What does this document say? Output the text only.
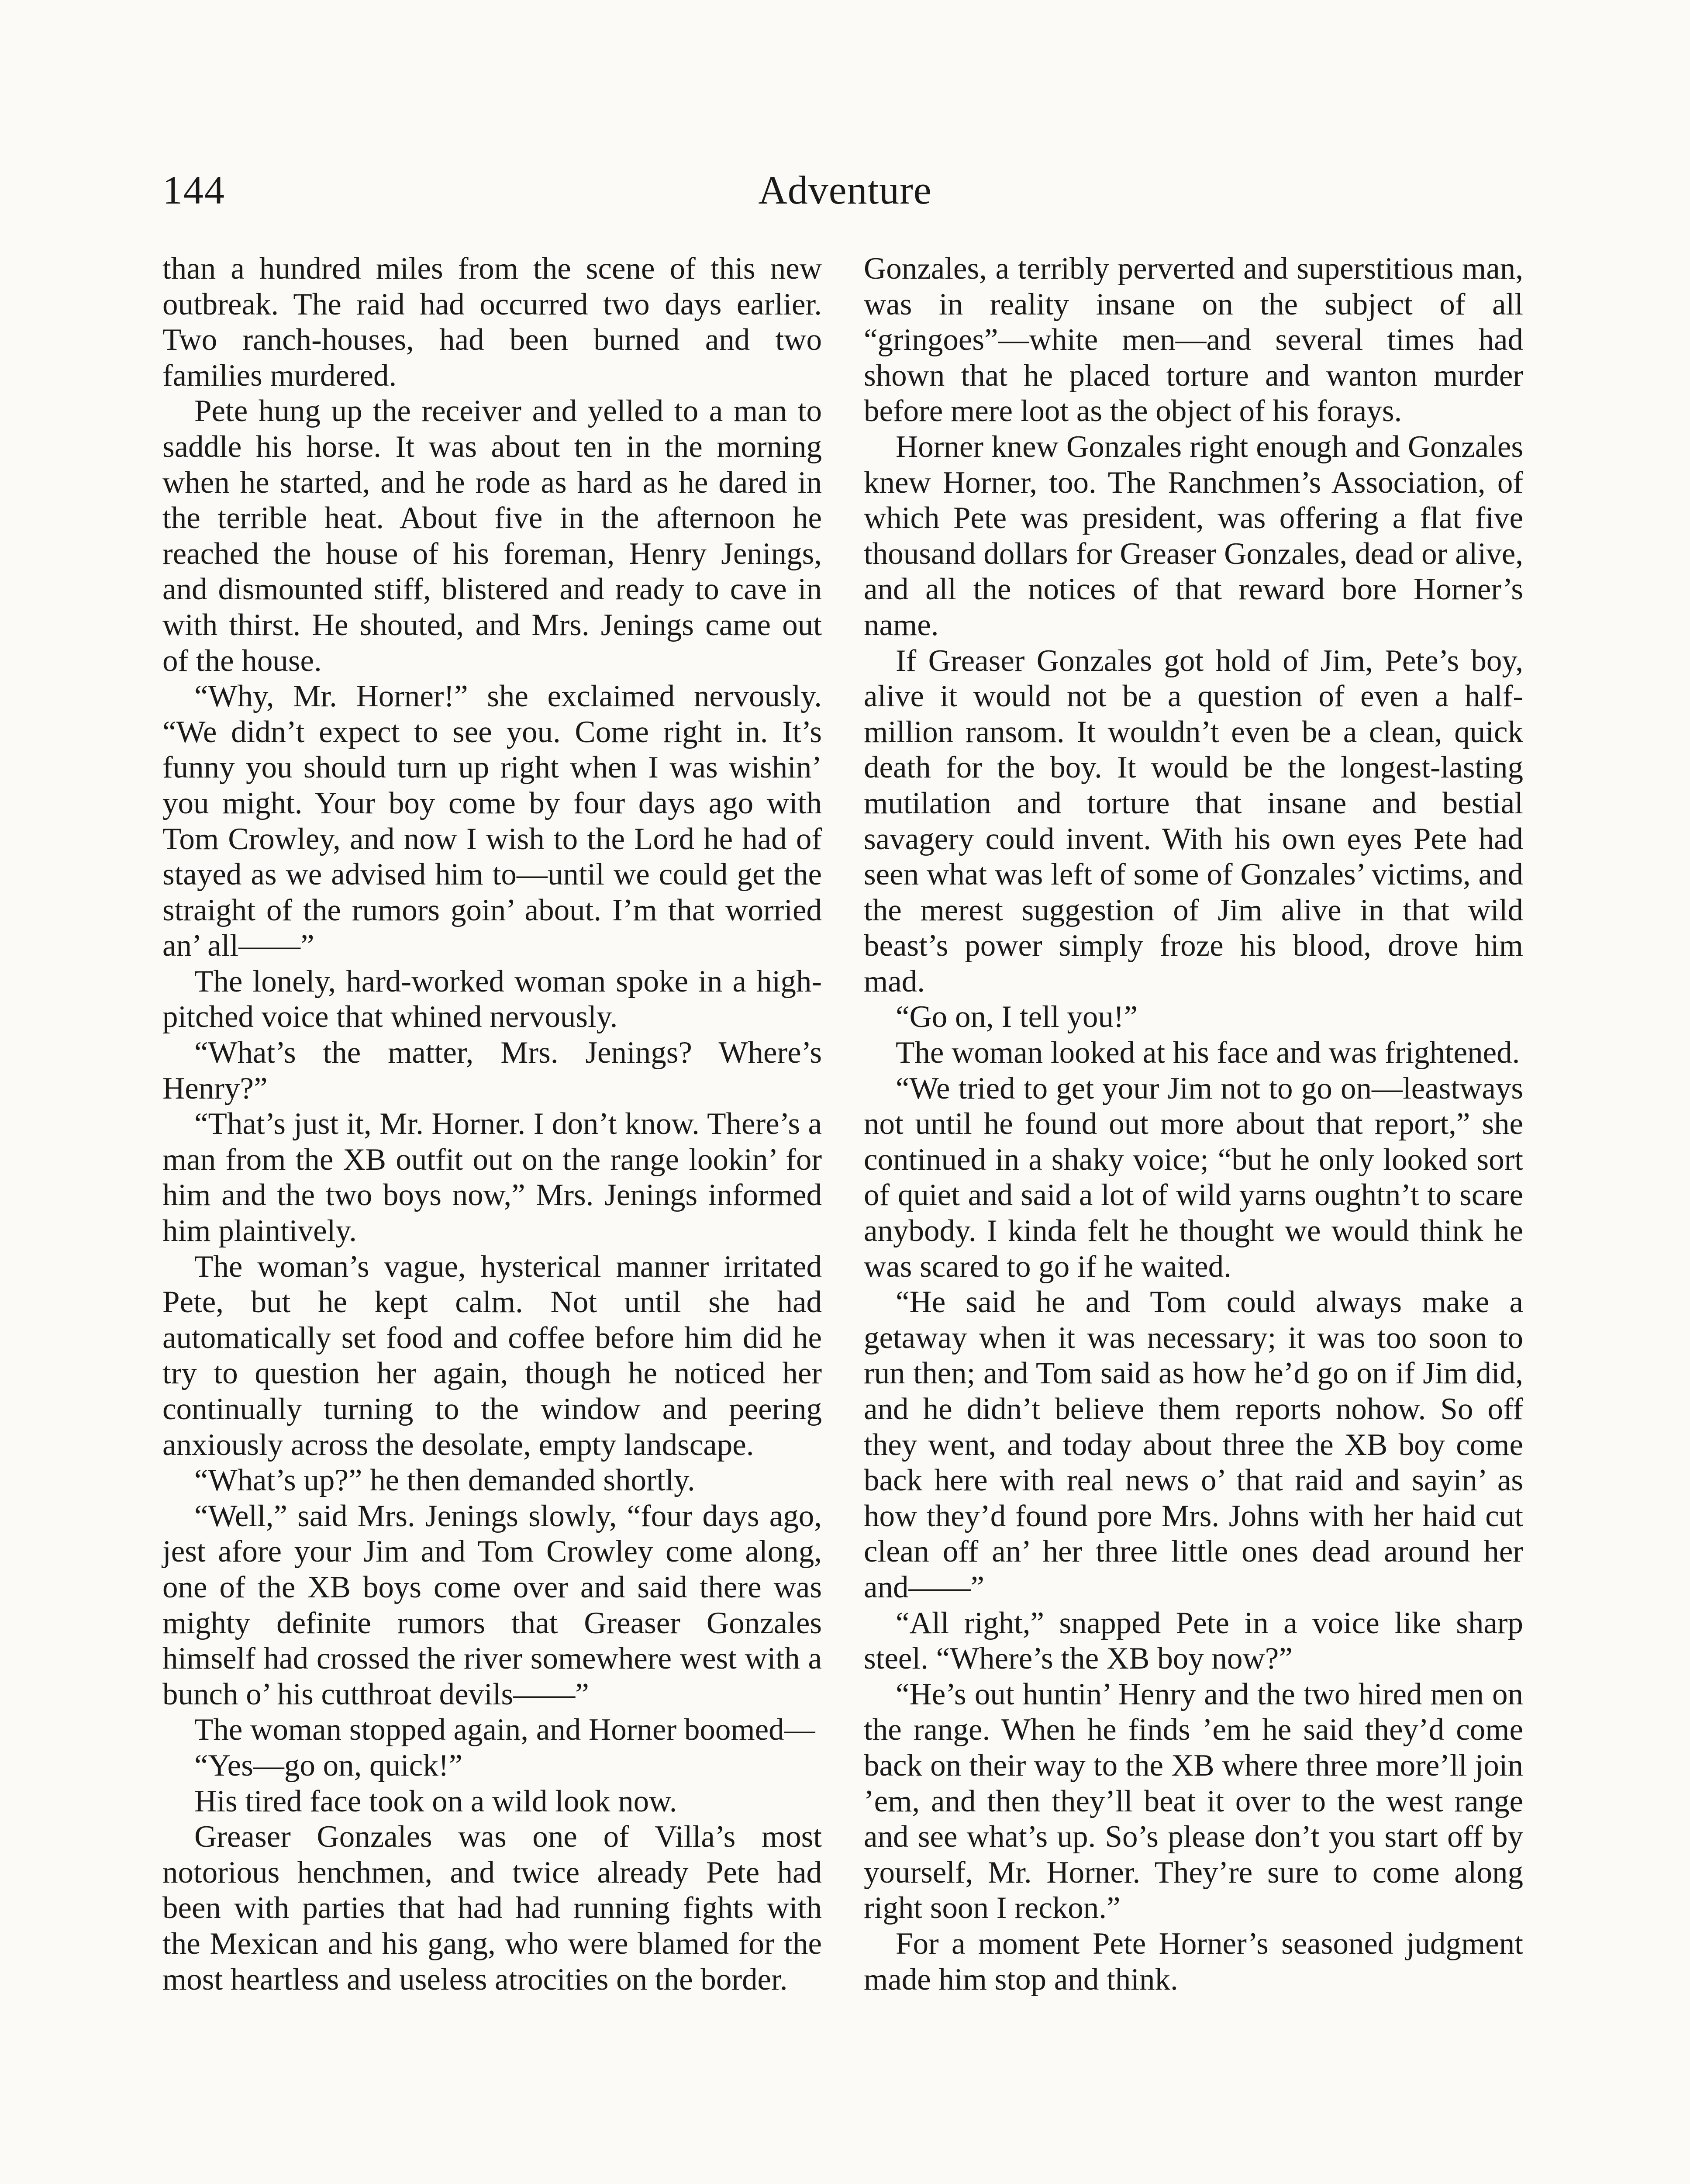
144	Adventure

than a hundred miles from the scene of this new outbreak. The raid had occurred two days earlier. Two ranch-houses, had been burned and two families murdered.

Pete hung up the receiver and yelled to a man to saddle his horse. It was about ten in the morning when he started, and he rode as hard as he dared in the terrible heat. About five in the afternoon he reached the house of his foreman, Henry Jenings, and dismounted stiff, blistered and ready to cave in with thirst. He shouted, and Mrs. Jenings came out of the house.

“Why, Mr. Horner!” she exclaimed nervously. “We didn’t expect to see you. Come right in. It’s funny you should turn up right when I was wishin’ you might. Your boy come by four days ago with Tom Crowley, and now I wish to the Lord he had of stayed as we advised him to—until we could get the straight of the rumors goin’ about. I’m that worried an’ all——”

The lonely, hard-worked woman spoke in a high-pitched voice that whined nervously.

“What’s the matter, Mrs. Jenings? Where’s Henry?”

“That’s just it, Mr. Horner. I don’t know. There’s a man from the XB outfit out on the range lookin’ for him and the two boys now,” Mrs. Jenings informed him plaintively.

The woman’s vague, hysterical manner irritated Pete, but he kept calm. Not until she had automatically set food and coffee before him did he try to question her again, though he noticed her continually turning to the window and peering anxiously across the desolate, empty landscape.

“What’s up?” he then demanded shortly.

“Well,” said Mrs. Jenings slowly, “four days ago, jest afore your Jim and Tom Crowley come along, one of the XB boys come over and said there was mighty definite rumors that Greaser Gonzales himself had crossed the river somewhere west with a bunch o’ his cutthroat devils——”

The woman stopped again, and Horner boomed—

“Yes—go on, quick!”

His tired face took on a wild look now.

Greaser Gonzales was one of Villa’s most notorious henchmen, and twice already Pete had been with parties that had had running fights with the Mexican and his gang, who were blamed for the most heartless and useless atrocities on the border.

Gonzales, a terribly perverted and superstitious man, was in reality insane on the subject of all “gringoes”—white men—and several times had shown that he placed torture and wanton murder before mere loot as the object of his forays.

Horner knew Gonzales right enough and Gonzales knew Horner, too. The Ranchmen’s Association, of which Pete was president, was offering a flat five thousand dollars for Greaser Gonzales, dead or alive, and all the notices of that reward bore Horner’s name.

If Greaser Gonzales got hold of Jim, Pete’s boy, alive it would not be a question of even a half-million ransom. It wouldn’t even be a clean, quick death for the boy. It would be the longest-lasting mutilation and torture that insane and bestial savagery could invent. With his own eyes Pete had seen what was left of some of Gonzales’ victims, and the merest suggestion of Jim alive in that wild beast’s power simply froze his blood, drove him mad.

“Go on, I tell you!”

The woman looked at his face and was frightened.

“We tried to get your Jim not to go on—leastways not until he found out more about that report,” she continued in a shaky voice; “but he only looked sort of quiet and said a lot of wild yarns oughtn’t to scare anybody. I kinda felt he thought we would think he was scared to go if he waited.

“He said he and Tom could always make a getaway when it was necessary; it was too soon to run then; and Tom said as how he’d go on if Jim did, and he didn’t believe them reports nohow. So off they went, and today about three the XB boy come back here with real news o’ that raid and sayin’ as how they’d found pore Mrs. Johns with her haid cut clean off an’ her three little ones dead around her and——”

“All right,” snapped Pete in a voice like sharp steel. “Where’s the XB boy now?”

“He’s out huntin’ Henry and the two hired men on the range. When he finds ’em he said they’d come back on their way to the XB where three more’ll join ’em, and then they’ll beat it over to the west range and see what’s up. So’s please don’t you start off by yourself, Mr. Horner. They’re sure to come along right soon I reckon.”

For a moment Pete Horner’s seasoned judgment made him stop and think.
